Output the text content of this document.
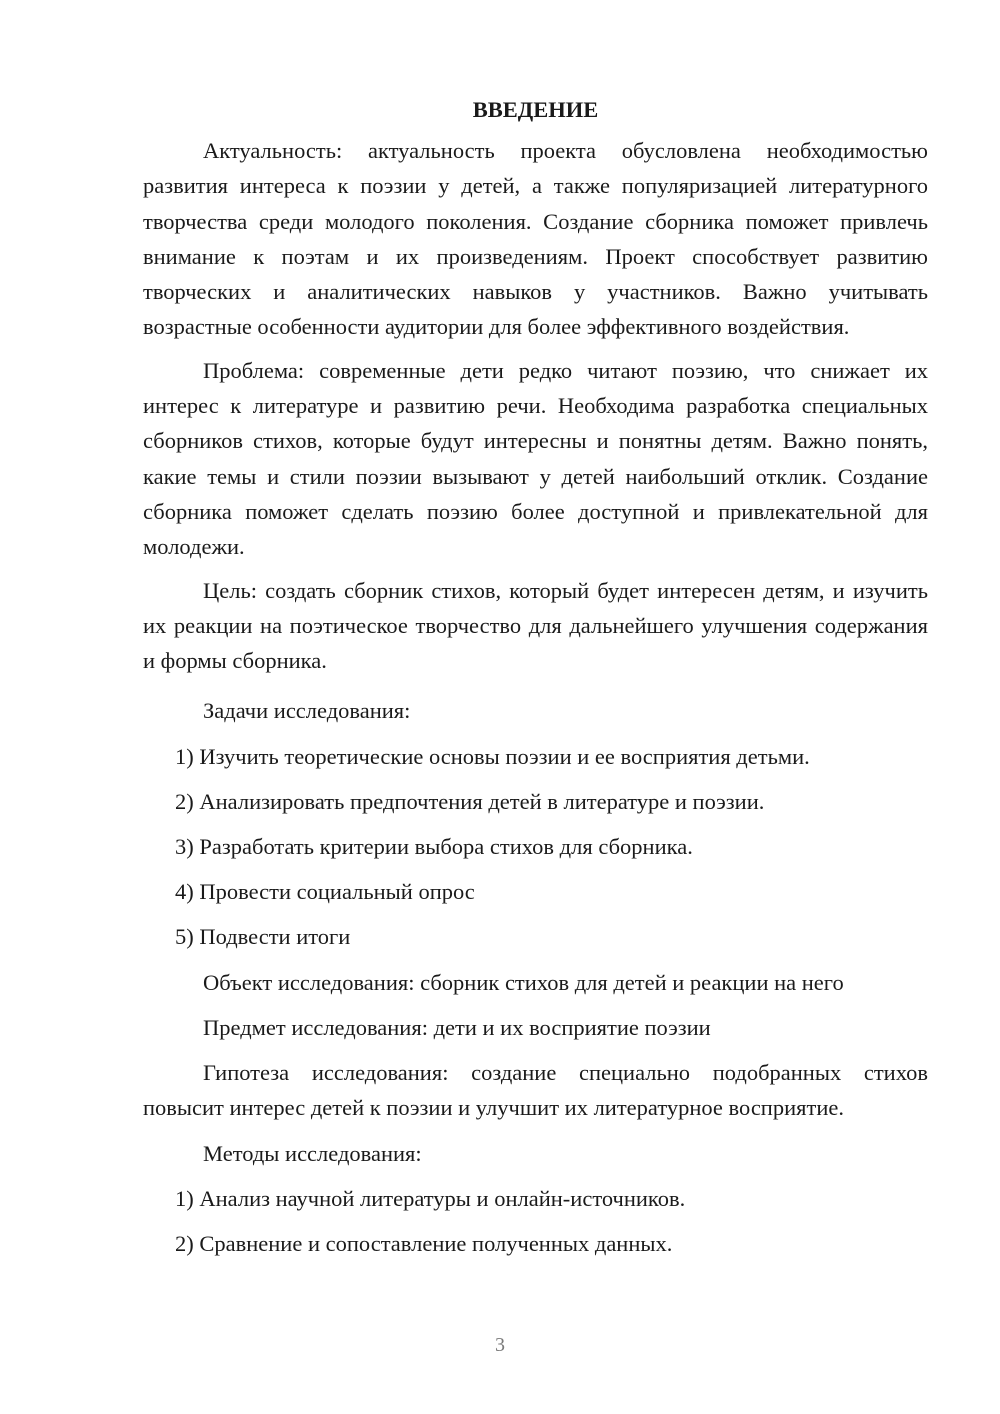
ВВЕДЕНИЕ

Актуальность: актуальность проекта обусловлена необходимостью развития интереса к поэзии у детей, а также популяризацией литературного творчества среди молодого поколения. Создание сборника поможет привлечь внимание к поэтам и их произведениям. Проект способствует развитию творческих и аналитических навыков у участников. Важно учитывать возрастные особенности аудитории для более эффективного воздействия.

Проблема: современные дети редко читают поэзию, что снижает их интерес к литературе и развитию речи. Необходима разработка специальных сборников стихов, которые будут интересны и понятны детям. Важно понять, какие темы и стили поэзии вызывают у детей наибольший отклик. Создание сборника поможет сделать поэзию более доступной и привлекательной для молодежи.

Цель: создать сборник стихов, который будет интересен детям, и изучить их реакции на поэтическое творчество для дальнейшего улучшения содержания и формы сборника.

Задачи исследования:
1) Изучить теоретические основы поэзии и ее восприятия детьми.
2) Анализировать предпочтения детей в литературе и поэзии.
3) Разработать критерии выбора стихов для сборника.
4) Провести социальный опрос
5) Подвести итоги
Объект исследования: сборник стихов для детей и реакции на него
Предмет исследования: дети и их восприятие поэзии

Гипотеза исследования: создание специально подобранных стихов повысит интерес детей к поэзии и улучшит их литературное восприятие.

Методы исследования:
1) Анализ научной литературы и онлайн-источников.
2) Сравнение и сопоставление полученных данных.
3
